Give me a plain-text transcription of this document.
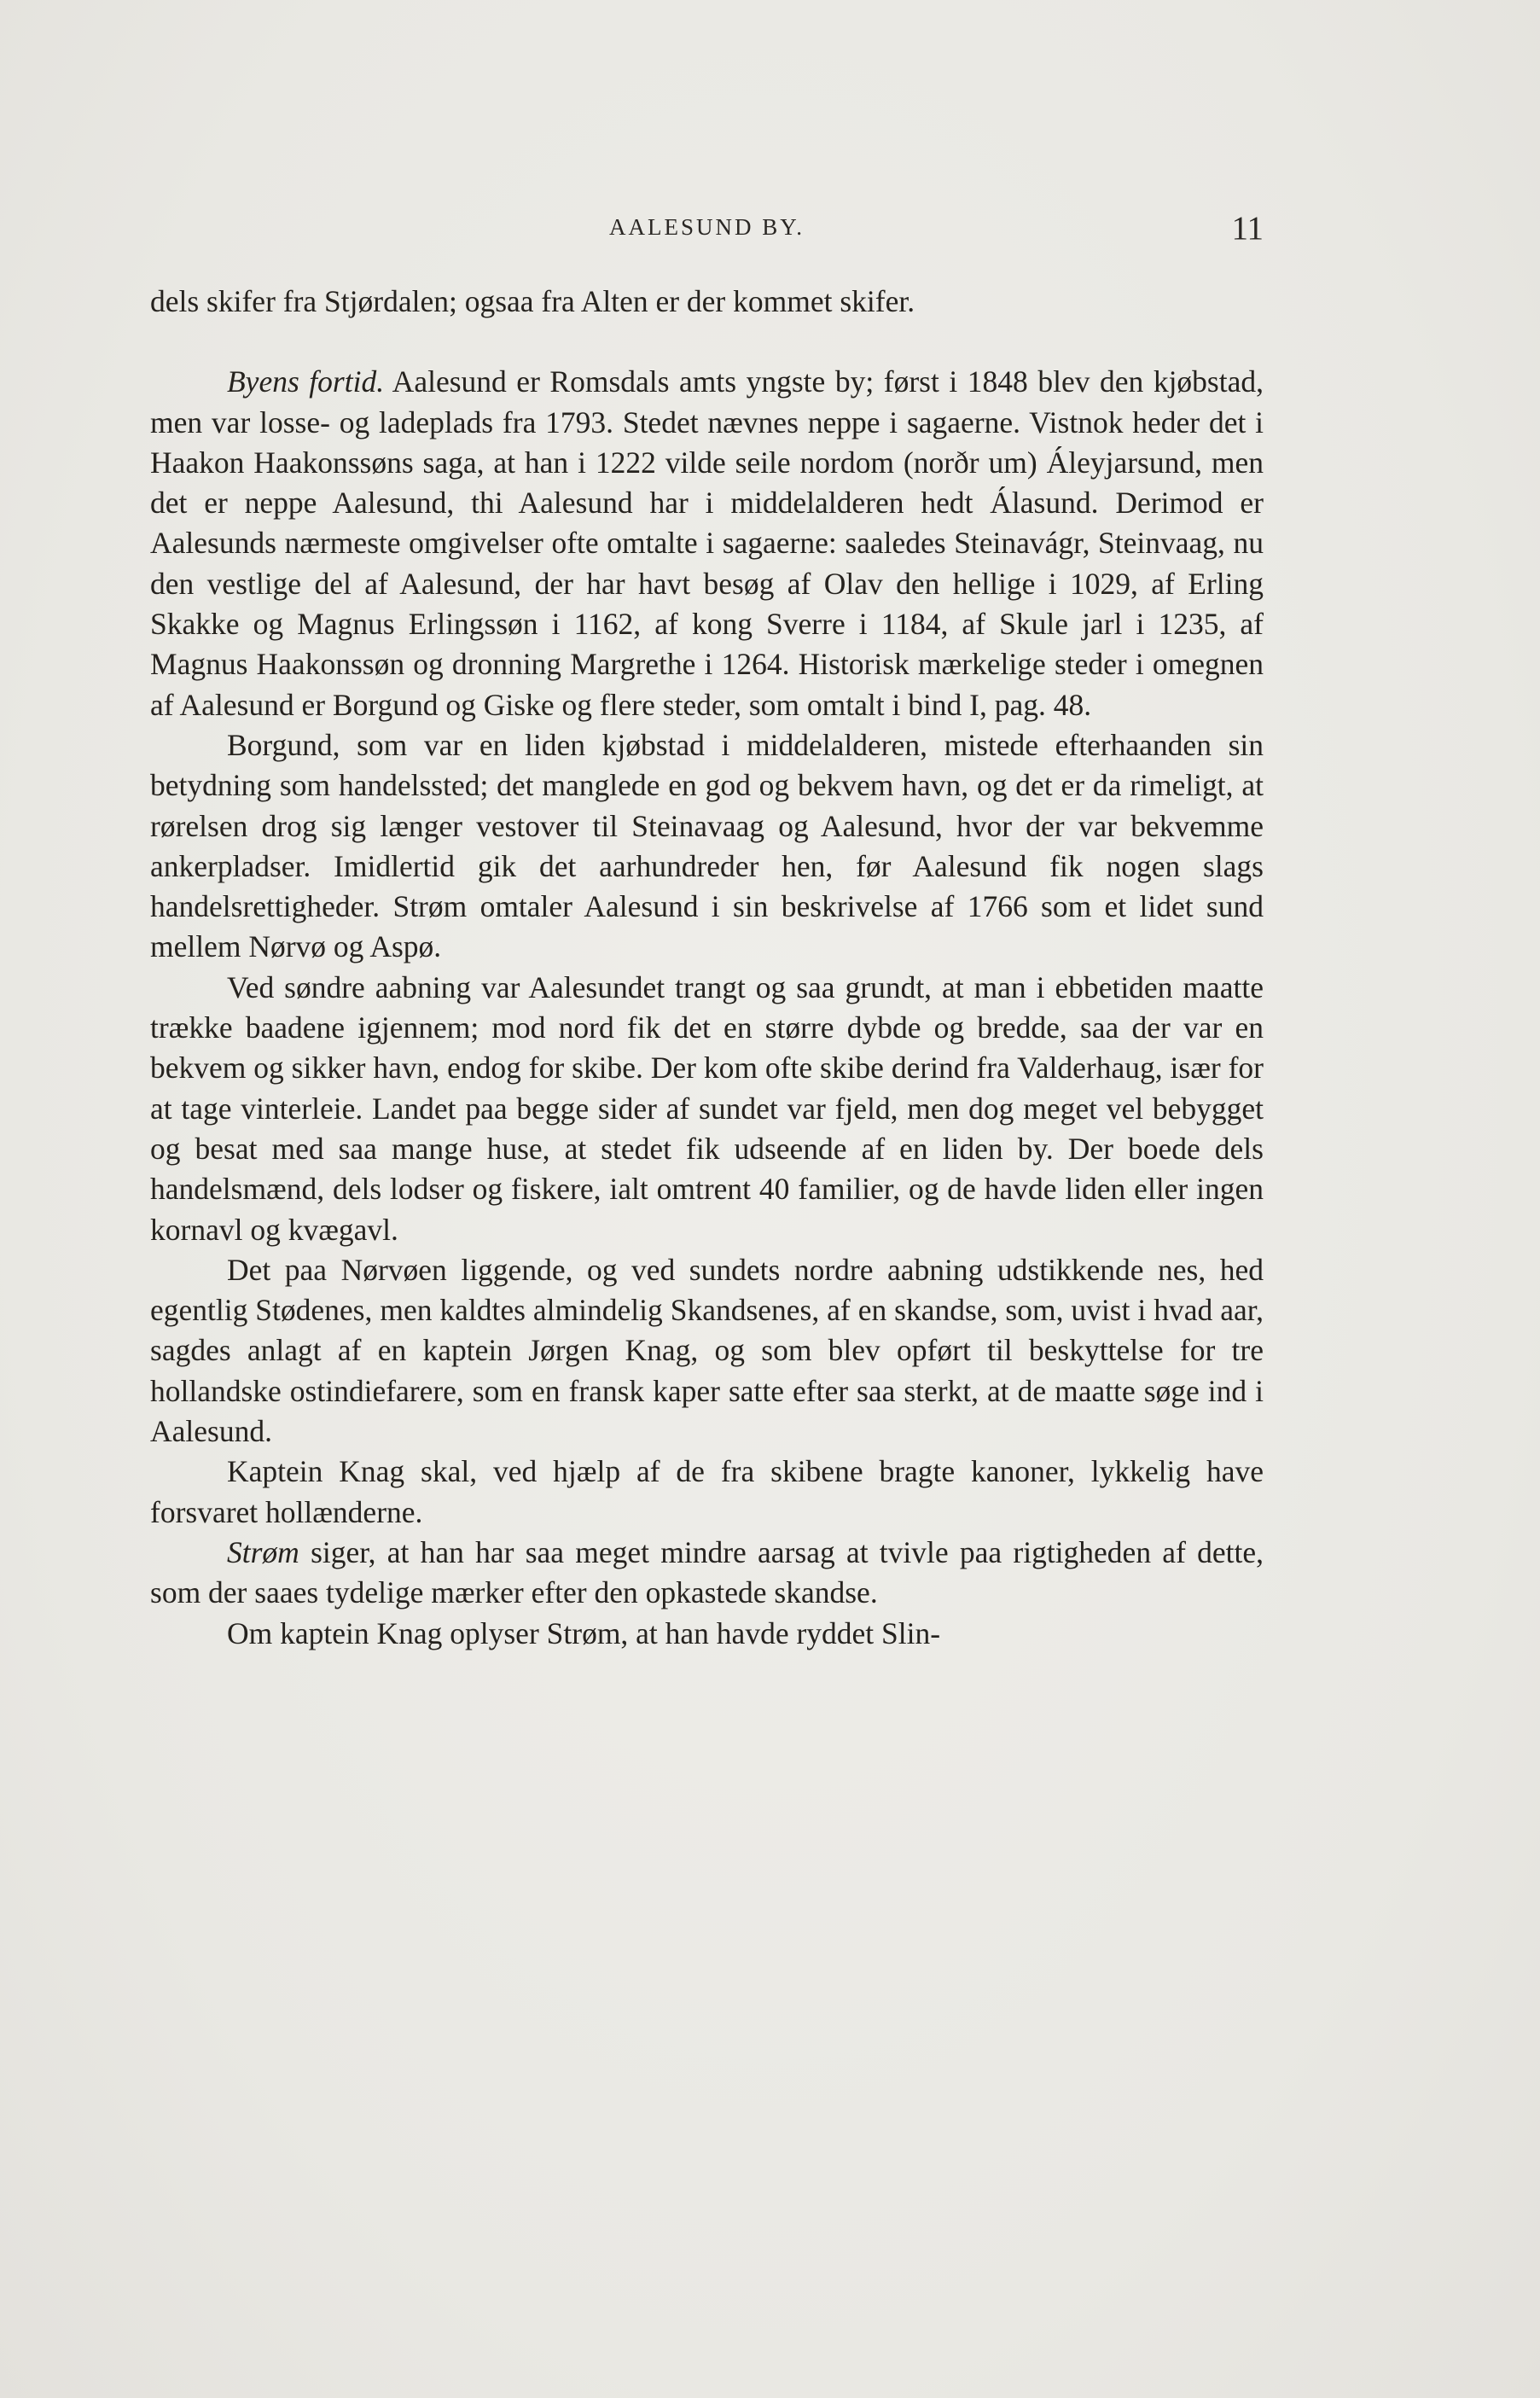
AALESUND BY.	11

dels skifer fra Stjørdalen; ogsaa fra Alten er der kommet skifer.

Byens fortid. Aalesund er Romsdals amts yngste by; først i 1848 blev den kjøbstad, men var losse- og ladeplads fra 1793. Stedet nævnes neppe i sagaerne. Vistnok heder det i Haakon Haakonssøns saga, at han i 1222 vilde seile nordom (norðr um) Áleyjarsund, men det er neppe Aalesund, thi Aalesund har i middelalderen hedt Álasund. Derimod er Aalesunds nærmeste omgivelser ofte omtalte i sagaerne: saaledes Steinavágr, Steinvaag, nu den vestlige del af Aalesund, der har havt besøg af Olav den hellige i 1029, af Erling Skakke og Magnus Erlingssøn i 1162, af kong Sverre i 1184, af Skule jarl i 1235, af Magnus Haakonssøn og dronning Margrethe i 1264. Historisk mærkelige steder i omegnen af Aalesund er Borgund og Giske og flere steder, som omtalt i bind I, pag. 48.

Borgund, som var en liden kjøbstad i middelalderen, mistede efterhaanden sin betydning som handelssted; det manglede en god og bekvem havn, og det er da rimeligt, at rørelsen drog sig længer vestover til Steinavaag og Aalesund, hvor der var bekvemme ankerpladser. Imidlertid gik det aarhundreder hen, før Aalesund fik nogen slags handelsrettigheder. Strøm omtaler Aalesund i sin beskrivelse af 1766 som et lidet sund mellem Nørvø og Aspø.

Ved søndre aabning var Aalesundet trangt og saa grundt, at man i ebbetiden maatte trække baadene igjennem; mod nord fik det en større dybde og bredde, saa der var en bekvem og sikker havn, endog for skibe. Der kom ofte skibe derind fra Valderhaug, især for at tage vinterleie. Landet paa begge sider af sundet var fjeld, men dog meget vel bebygget og besat med saa mange huse, at stedet fik udseende af en liden by. Der boede dels handelsmænd, dels lodser og fiskere, ialt omtrent 40 familier, og de havde liden eller ingen kornavl og kvægavl.

Det paa Nørvøen liggende, og ved sundets nordre aabning udstikkende nes, hed egentlig Stødenes, men kaldtes almindelig Skandsenes, af en skandse, som, uvist i hvad aar, sagdes anlagt af en kaptein Jørgen Knag, og som blev opført til beskyttelse for tre hollandske ostindiefarere, som en fransk kaper satte efter saa sterkt, at de maatte søge ind i Aalesund.

Kaptein Knag skal, ved hjælp af de fra skibene bragte kanoner, lykkelig have forsvaret hollænderne.

Strøm siger, at han har saa meget mindre aarsag at tvivle paa rigtigheden af dette, som der saaes tydelige mærker efter den opkastede skandse.

Om kaptein Knag oplyser Strøm, at han havde ryddet Slin-
